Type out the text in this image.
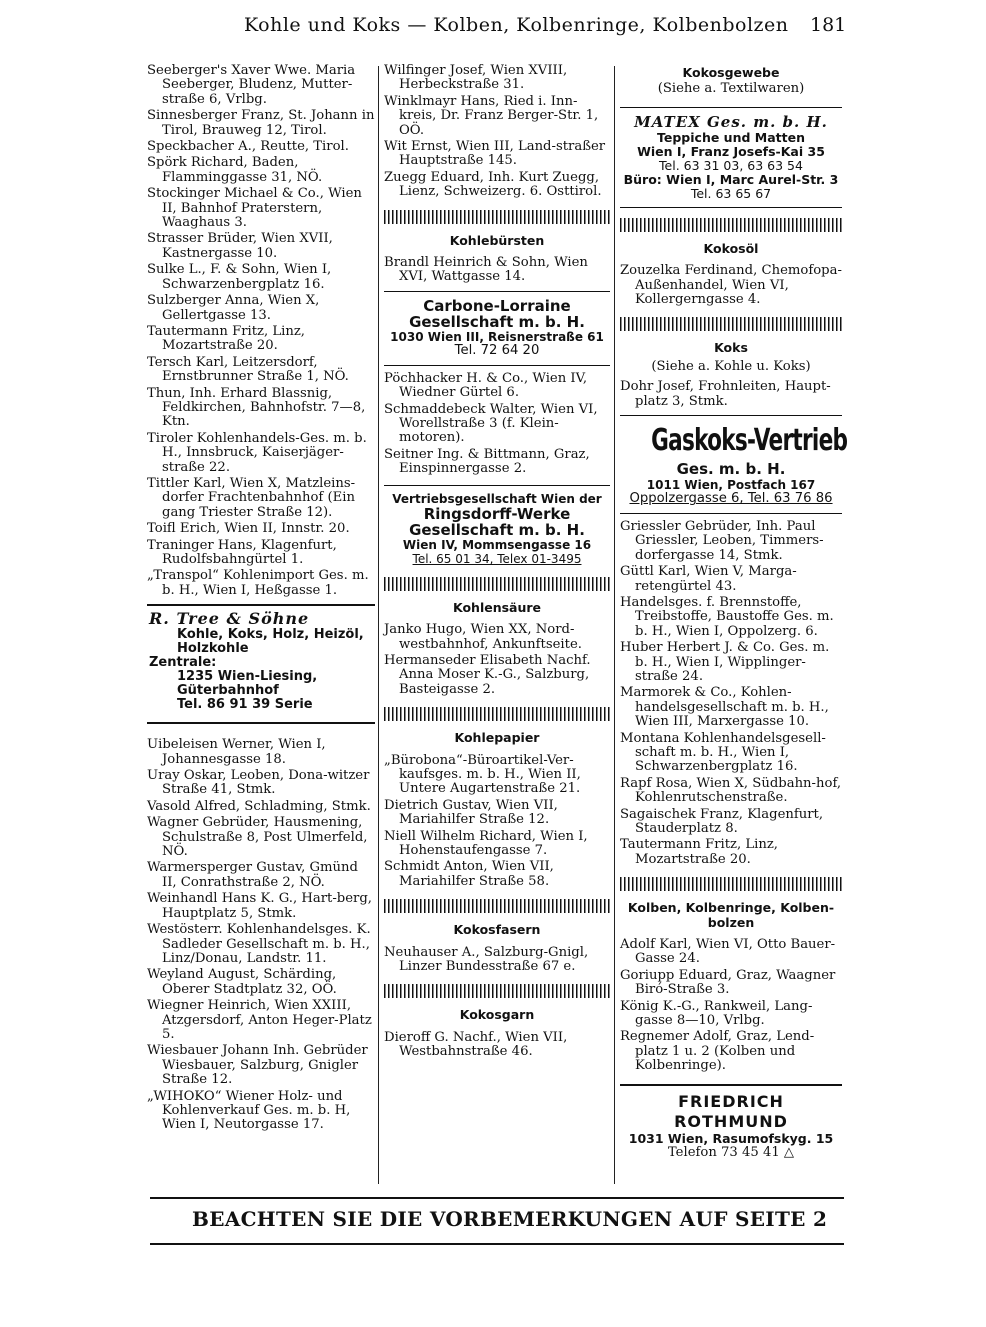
Kohle und Koks — Kolben, Kolbenringe, Kolbenbolzen 181
Seeberger's Xaver Wwe. Maria Seeberger, Bludenz, Mutter-straße 6, Vrlbg.
Sinnesberger Franz, St. Johann in Tirol, Brauweg 12, Tirol.
Speckbacher A., Reutte, Tirol.
Spörk Richard, Baden, Flamminggasse 31, NÖ.
Stockinger Michael & Co., Wien II, Bahnhof Praterstern, Waaghaus 3.
Strasser Brüder, Wien XVII, Kastnergasse 10.
Sulke L., F. & Sohn, Wien I, Schwarzenbergplatz 16.
Sulzberger Anna, Wien X, Gellertgasse 13.
Tautermann Fritz, Linz, Mozartstraße 20.
Tersch Karl, Leitzersdorf, Ernstbrunner Straße 1, NÖ.
Thun, Inh. Erhard Blassnig, Feldkirchen, Bahnhofstr. 7—8, Ktn.
Tiroler Kohlenhandels-Ges. m. b. H., Innsbruck, Kaiserjäger-straße 22.
Tittler Karl, Wien X, Matzleins-dorfer Frachtenbahnhof (Ein gang Triester Straße 12).
Toifl Erich, Wien II, Innstr. 20.
Traninger Hans, Klagenfurt, Rudolfsbahngürtel 1.
„Transpol“ Kohlenimport Ges. m. b. H., Wien I, Heßgasse 1.
R. Tree & Söhne
Kohle, Koks, Holz, Heizöl,
Holzkohle
Zentrale:
1235 Wien-Liesing,
Güterbahnhof
Tel. 86 91 39 Serie
Uibeleisen Werner, Wien I, Johannesgasse 18.
Uray Oskar, Leoben, Dona-witzer Straße 41, Stmk.
Vasold Alfred, Schladming, Stmk.
Wagner Gebrüder, Hausmening, Schulstraße 8, Post Ulmerfeld, NÖ.
Warmersperger Gustav, Gmünd II, Conrathstraße 2, NÖ.
Weinhandl Hans K. G., Hart-berg, Hauptplatz 5, Stmk.
Westösterr. Kohlenhandelsges. K. Sadleder Gesellschaft m. b. H., Linz/Donau, Landstr. 11.
Weyland August, Schärding, Oberer Stadtplatz 32, OÖ.
Wiegner Heinrich, Wien XXIII, Atzgersdorf, Anton Heger-Platz 5.
Wiesbauer Johann Inh. Gebrüder Wiesbauer, Salzburg, Gnigler Straße 12.
„WIHOKO“ Wiener Holz- und Kohlenverkauf Ges. m. b. H, Wien I, Neutorgasse 17.
Wilfinger Josef, Wien XVIII, Herbeckstraße 31.
Winklmayr Hans, Ried i. Inn-kreis, Dr. Franz Berger-Str. 1, OÖ.
Wit Ernst, Wien III, Land-straßer Hauptstraße 145.
Zuegg Eduard, Inh. Kurt Zuegg, Lienz, Schweizerg. 6. Osttirol.
Kohlebürsten
Brandl Heinrich & Sohn, Wien XVI, Wattgasse 14.
Carbone-Lorraine
Gesellschaft m. b. H.
1030 Wien III, Reisnerstraße 61
Tel. 72 64 20
Pöchhacker H. & Co., Wien IV, Wiedner Gürtel 6.
Schmaddebeck Walter, Wien VI, Worellstraße 3 (f. Klein-motoren).
Seitner Ing. & Bittmann, Graz, Einspinnergasse 2.
Vertriebsgesellschaft Wien der
Ringsdorff-Werke
Gesellschaft m. b. H.
Wien IV, Mommsengasse 16
Tel. 65 01 34, Telex 01-3495
Kohlensäure
Janko Hugo, Wien XX, Nord-westbahnhof, Ankunftseite.
Hermanseder Elisabeth Nachf. Anna Moser K.-G., Salzburg, Basteigasse 2.
Kohlepapier
„Bürobona“-Büroartikel-Ver-kaufsges. m. b. H., Wien II, Untere Augartenstraße 21.
Dietrich Gustav, Wien VII, Mariahilfer Straße 12.
Niell Wilhelm Richard, Wien I, Hohenstaufengasse 7.
Schmidt Anton, Wien VII, Mariahilfer Straße 58.
Kokosfasern
Neuhauser A., Salzburg-Gnigl, Linzer Bundesstraße 67 e.
Kokosgarn
Dieroff G. Nachf., Wien VII, Westbahnstraße 46.
Kokosgewebe
(Siehe a. Textilwaren)
MATEX Ges. m. b. H.
Teppiche und Matten
Wien I, Franz Josefs-Kai 35
Tel. 63 31 03, 63 63 54
Büro: Wien I, Marc Aurel-Str. 3
Tel. 63 65 67
Kokosöl
Zouzelka Ferdinand, Chemofopa-Außenhandel, Wien VI, Kollergerngasse 4.
Koks
(Siehe a. Kohle u. Koks)
Dohr Josef, Frohnleiten, Haupt-platz 3, Stmk.
Gaskoks-Vertrieb
Ges. m. b. H.
1011 Wien, Postfach 167
Oppolzergasse 6, Tel. 63 76 86
Griessler Gebrüder, Inh. Paul Griessler, Leoben, Timmers-dorfergasse 14, Stmk.
Güttl Karl, Wien V, Marga-retengürtel 43.
Handelsges. f. Brennstoffe, Treibstoffe, Baustoffe Ges. m. b. H., Wien I, Oppolzerg. 6.
Huber Herbert J. & Co. Ges. m. b. H., Wien I, Wipplinger-straße 24.
Marmorek & Co., Kohlen-handelsgesellschaft m. b. H., Wien III, Marxergasse 10.
Montana Kohlenhandelsgesell-schaft m. b. H., Wien I, Schwarzenbergplatz 16.
Rapf Rosa, Wien X, Südbahn-hof, Kohlenrutschenstraße.
Sagaischek Franz, Klagenfurt, Stauderplatz 8.
Tautermann Fritz, Linz, Mozartstraße 20.
Kolben, Kolbenringe, Kolben-bolzen
Adolf Karl, Wien VI, Otto Bauer-Gasse 24.
Goriupp Eduard, Graz, Waagner Biró-Straße 3.
König K.-G., Rankweil, Lang-gasse 8—10, Vrlbg.
Regnemer Adolf, Graz, Lend-platz 1 u. 2 (Kolben und Kolbenringe).
FRIEDRICH ROTHMUND
1031 Wien, Rasumofskyg. 15
Telefon 73 45 41 △
BEACHTEN SIE DIE VORBEMERKUNGEN AUF SEITE 2
